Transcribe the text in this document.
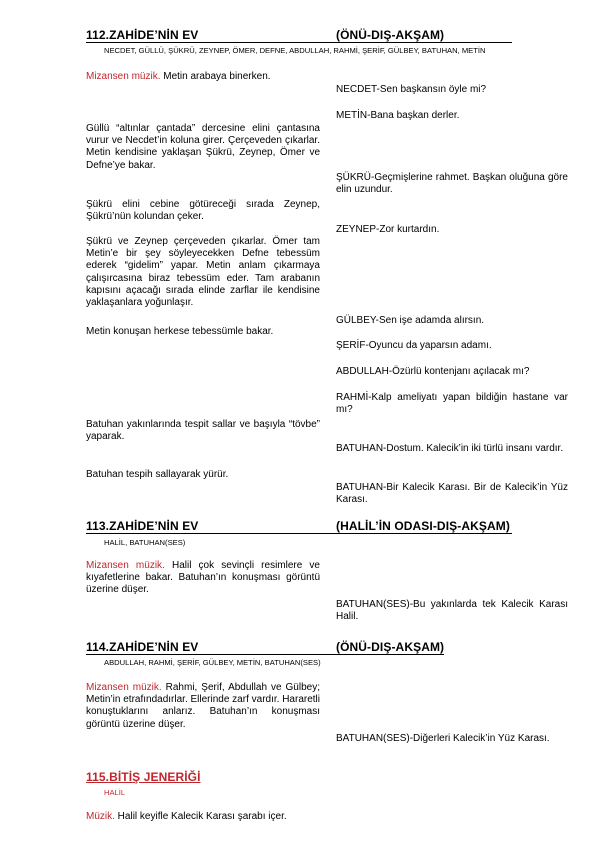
112.ZAHİDE’NİN EV	(ÖNÜ-DIŞ-AKŞAM)
NECDET, GÜLLÜ, ŞÜKRÜ, ZEYNEP, ÖMER, DEFNE, ABDULLAH, RAHMİ, ŞERİF, GÜLBEY, BATUHAN, METİN
Mizansen müzik. Metin arabaya binerken.
NECDET-Sen başkansın öyle mi?
METİN-Bana başkan derler.
Güllü “altınlar çantada” dercesine elini çantasına vurur ve Necdet’in koluna girer. Çerçeveden çıkarlar. Metin kendisine yaklaşan Şükrü, Zeynep, Ömer ve Defne’ye bakar.
ŞÜKRÜ-Geçmişlerine rahmet. Başkan oluğuna göre elin uzundur.
Şükrü elini cebine götüreceği sırada Zeynep, Şükrü’nün kolundan çeker.
ZEYNEP-Zor kurtardın.
Şükrü ve Zeynep çerçeveden çıkarlar. Ömer tam Metin’e bir şey söyleyecekken Defne tebessüm ederek “gidelim” yapar. Metin anlam çıkarmaya çalışırcasına biraz tebessüm eder. Tam arabanın kapısını açacağı sırada elinde zarflar ile kendisine yaklaşanlara yoğunlaşır.
GÜLBEY-Sen işe adamda alırsın.
Metin konuşan herkese tebessümle bakar.
ŞERİF-Oyuncu da yaparsın adamı.
ABDULLAH-Özürlü kontenjanı açılacak mı?
RAHMİ-Kalp ameliyatı yapan bildiğin hastane var mı?
Batuhan yakınlarında tespit sallar ve başıyla “tövbe” yaparak.
BATUHAN-Dostum. Kalecik’in iki türlü insanı vardır.
Batuhan tespih sallayarak yürür.
BATUHAN-Bir Kalecik Karası. Bir de Kalecik’in Yüz Karası.
113.ZAHİDE’NİN EV	(HALİL’İN ODASI-DIŞ-AKŞAM)
HALİL, BATUHAN(SES)
Mizansen müzik. Halil çok sevinçli resimlere ve kıyafetlerine bakar. Batuhan’ın konuşması görüntü üzerine düşer.
BATUHAN(SES)-Bu yakınlarda tek Kalecik Karası Halil.
114.ZAHİDE’NİN EV	(ÖNÜ-DIŞ-AKŞAM)
ABDULLAH, RAHMİ, ŞERİF, GÜLBEY, METİN, BATUHAN(SES)
Mizansen müzik. Rahmi, Şerif, Abdullah ve Gülbey; Metin’in etrafındadırlar. Ellerinde zarf vardır. Hararetli konuştuklarını anlarız. Batuhan’ın konuşması görüntü üzerine düşer.
BATUHAN(SES)-Diğerleri Kalecik’in Yüz Karası.
115.BİTİŞ JENERİĞİ
HALİL
Müzik. Halil keyifle Kalecik Karası şarabı içer.
